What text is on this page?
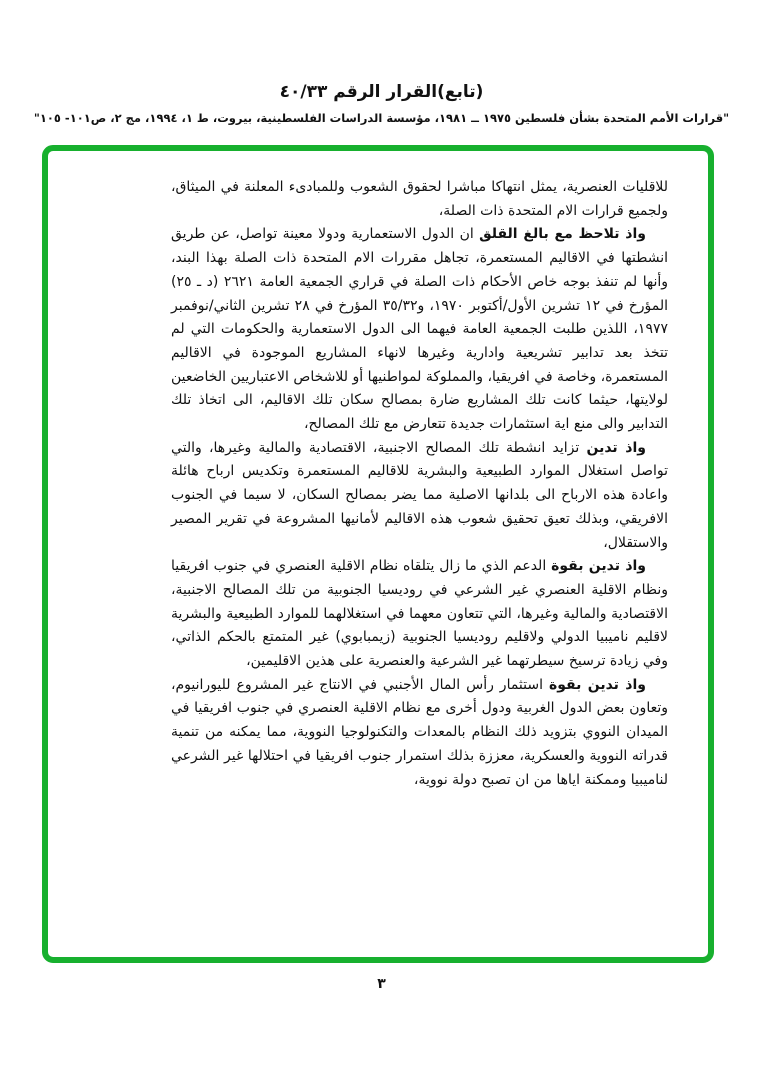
(تابع)القرار الرقم ٤٠/٣٣
"قرارات الأمم المتحدة بشأن فلسطين ١٩٧٥ ــ ١٩٨١، مؤسسة الدراسات الفلسطينية، بيروت، ط ١، ١٩٩٤، مج ٢، ص١٠١- ١٠٥"

للاقليات العنصرية، يمثل انتهاكا مباشرا لحقوق الشعوب وللمبادىء المعلنة في الميثاق، ولجميع قرارات الام المتحدة ذات الصلة،

واذ تلاحظ مع بالغ القلق ان الدول الاستعمارية ودولا معينة تواصل، عن طريق انشطتها في الاقاليم المستعمرة، تجاهل مقررات الام المتحدة ذات الصلة بهذا البند، وأنها لم تنفذ بوجه خاص الأحكام ذات الصلة في قراري الجمعية العامة ٢٦٢١ (د ـ ٢٥) المؤرخ في ١٢ تشرين الأول/أكتوبر ١٩٧٠، و٣٥/٣٢ المؤرخ في ٢٨ تشرين الثاني/نوفمبر ١٩٧٧، اللذين طلبت الجمعية العامة فيهما الى الدول الاستعمارية والحكومات التي لم تتخذ بعد تدابير تشريعية وادارية وغيرها لانهاء المشاريع الموجودة في الاقاليم المستعمرة، وخاصة في افريقيا، والمملوكة لمواطنيها أو للاشخاص الاعتباريين الخاضعين لولايتها، حيثما كانت تلك المشاريع ضارة بمصالح سكان تلك الاقاليم، الى اتخاذ تلك التدابير والى منع اية استثمارات جديدة تتعارض مع تلك المصالح،

واذ تدين تزايد انشطة تلك المصالح الاجنبية، الاقتصادية والمالية وغيرها، والتي تواصل استغلال الموارد الطبيعية والبشرية للاقاليم المستعمرة وتكديس ارباح هائلة واعادة هذه الارباح الى بلدانها الاصلية مما يضر بمصالح السكان، لا سيما في الجنوب الافريقي، وبذلك تعيق تحقيق شعوب هذه الاقاليم لأمانيها المشروعة في تقرير المصير والاستقلال،

واذ تدين بقوة الدعم الذي ما زال يتلقاه نظام الاقلية العنصري في جنوب افريقيا ونظام الاقلية العنصري غير الشرعي في روديسيا الجنوبية من تلك المصالح الاجنبية، الاقتصادية والمالية وغيرها، التي تتعاون معهما في استغلالهما للموارد الطبيعية والبشرية لاقليم ناميبيا الدولي ولاقليم روديسيا الجنوبية (زيمبابوي) غير المتمتع بالحكم الذاتي، وفي زيادة ترسيخ سيطرتهما غير الشرعية والعنصرية على هذين الاقليمين،

واذ تدين بقوة استثمار رأس المال الأجنبي في الانتاج غير المشروع لليورانيوم، وتعاون بعض الدول الغربية ودول أخرى مع نظام الاقلية العنصري في جنوب افريقيا في الميدان النووي بتزويد ذلك النظام بالمعدات والتكنولوجيا النووية، مما يمكنه من تنمية قدراته النووية والعسكرية، معززة بذلك استمرار جنوب افريقيا في احتلالها غير الشرعي لناميبيا وممكنة اياها من ان تصبح دولة نووية،

٣
